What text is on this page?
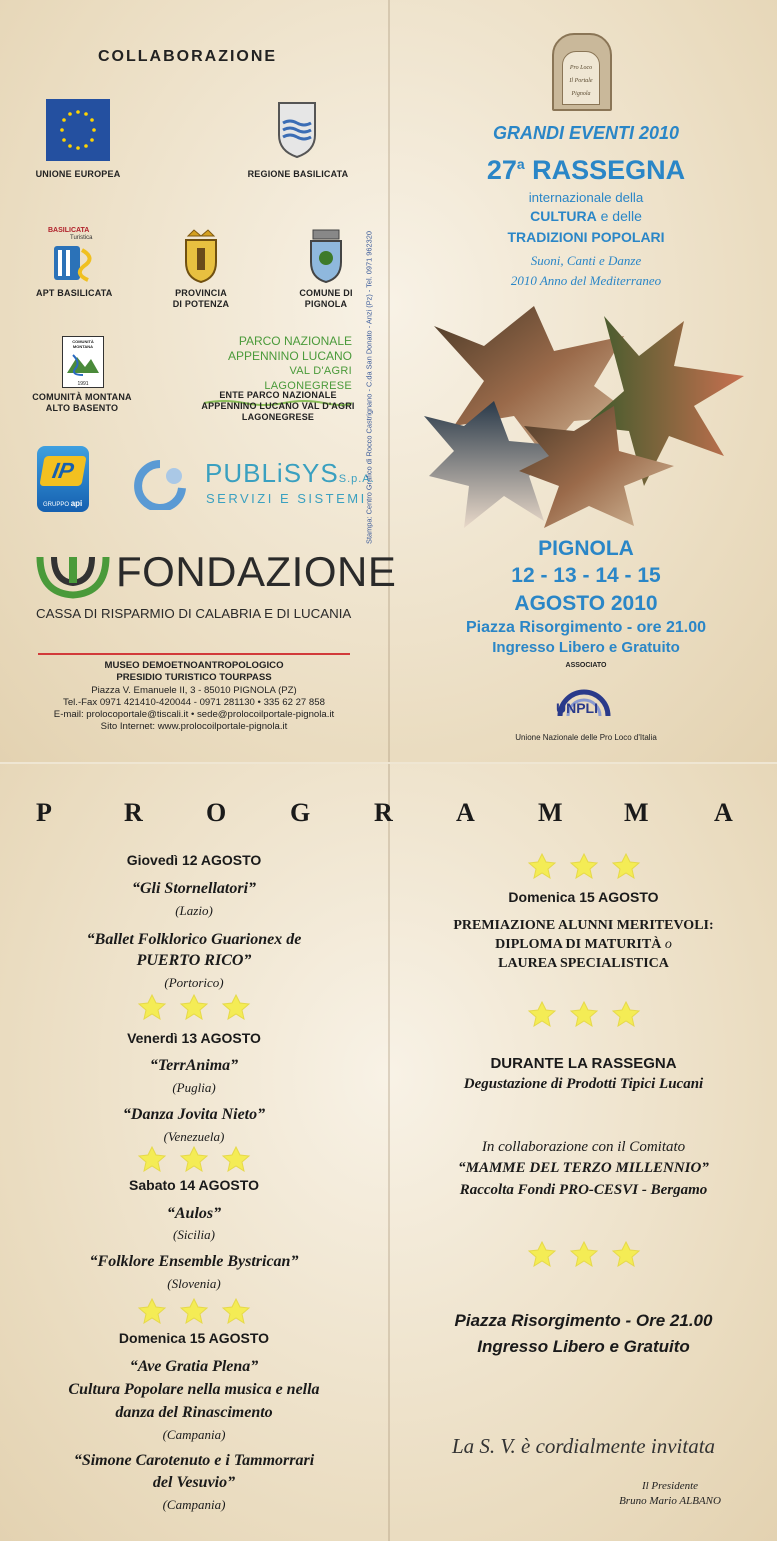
COLLABORAZIONE
UNIONE EUROPEA	REGIONE BASILICATA
BASILICATA
Turistica
APT BASILICATA	PROVINCIA
DI POTENZA
COMUNE DI
PIGNOLA
COMUNITÀ MONTANA
1991
COMUNITÀ MONTANA
ALTO BASENTO
PARCO NAZIONALE
APPENNINO LUCANO
VAL D'AGRI LAGONEGRESE
ENTE PARCO NAZIONALE
APPENNINO LUCANO VAL D'AGRI
LAGONEGRESE
IP
GRUPPO api
PUBLiSYSS.p.A.
SERVIZI E SISTEMI
FONDAZIONE
CASSA DI RISPARMIO DI CALABRIA E DI LUCANIA
MUSEO DEMOETNOANTROPOLOGICO
PRESIDIO TURISTICO TOURPASS
Piazza V. Emanuele II, 3 - 85010 PIGNOLA (PZ)
Tel.-Fax 0971 421410-420044 - 0971 281130 • 335 62 27 858
E-mail: prolocoportale@tiscali.it • sede@prolocoilportale-pignola.it
Sito Internet: www.prolocoilportale-pignola.it
Stampa: Centro Grafico di Rocco Castrignano - C.da San Donato - Anzi (Pz) - Tel. 0971 962320
Pro Loco
Il Portale
Pignola
GRANDI EVENTI 2010
27$^a$ RASSEGNA
internazionale della
CULTURA e delle
TRADIZIONI POPOLARI
Suoni, Canti e Danze
2010 Anno del Mediterraneo
PIGNOLA
12 - 13 - 14 - 15
AGOSTO 2010
Piazza Risorgimento - ore 21.00
Ingresso Libero e Gratuito
ASSOCIATO
UNPLI
Unione Nazionale delle Pro Loco d'Italia
P	R O G R A M M	A
Giovedì 12 AGOSTO
“Gli Stornellatori”
(Lazio)
“Ballet Folklorico Guarionex de
PUERTO RICO”
(Portorico)
Venerdì 13 AGOSTO
“TerrAnima”
(Puglia)
“Danza Jovita Nieto”
(Venezuela)
Sabato 14 AGOSTO
“Aulos”
(Sicilia)
“Folklore Ensemble Bystrican”
(Slovenia)
Domenica 15 AGOSTO
“Ave Gratia Plena”
Cultura Popolare nella musica e nella
danza del Rinascimento
(Campania)
“Simone Carotenuto e i Tammorrari
del Vesuvio”
(Campania)
Domenica 15 AGOSTO
PREMIAZIONE ALUNNI MERITEVOLI:
DIPLOMA DI MATURITÀ o
LAUREA SPECIALISTICA
DURANTE LA RASSEGNA
Degustazione di Prodotti Tipici Lucani
In collaborazione con il Comitato
“MAMME DEL TERZO MILLENNIO”
Raccolta Fondi PRO-CESVI - Bergamo
Piazza Risorgimento - Ore 21.00
Ingresso Libero e Gratuito
La S. V. è cordialmente invitata
Il Presidente
Bruno Mario ALBANO
